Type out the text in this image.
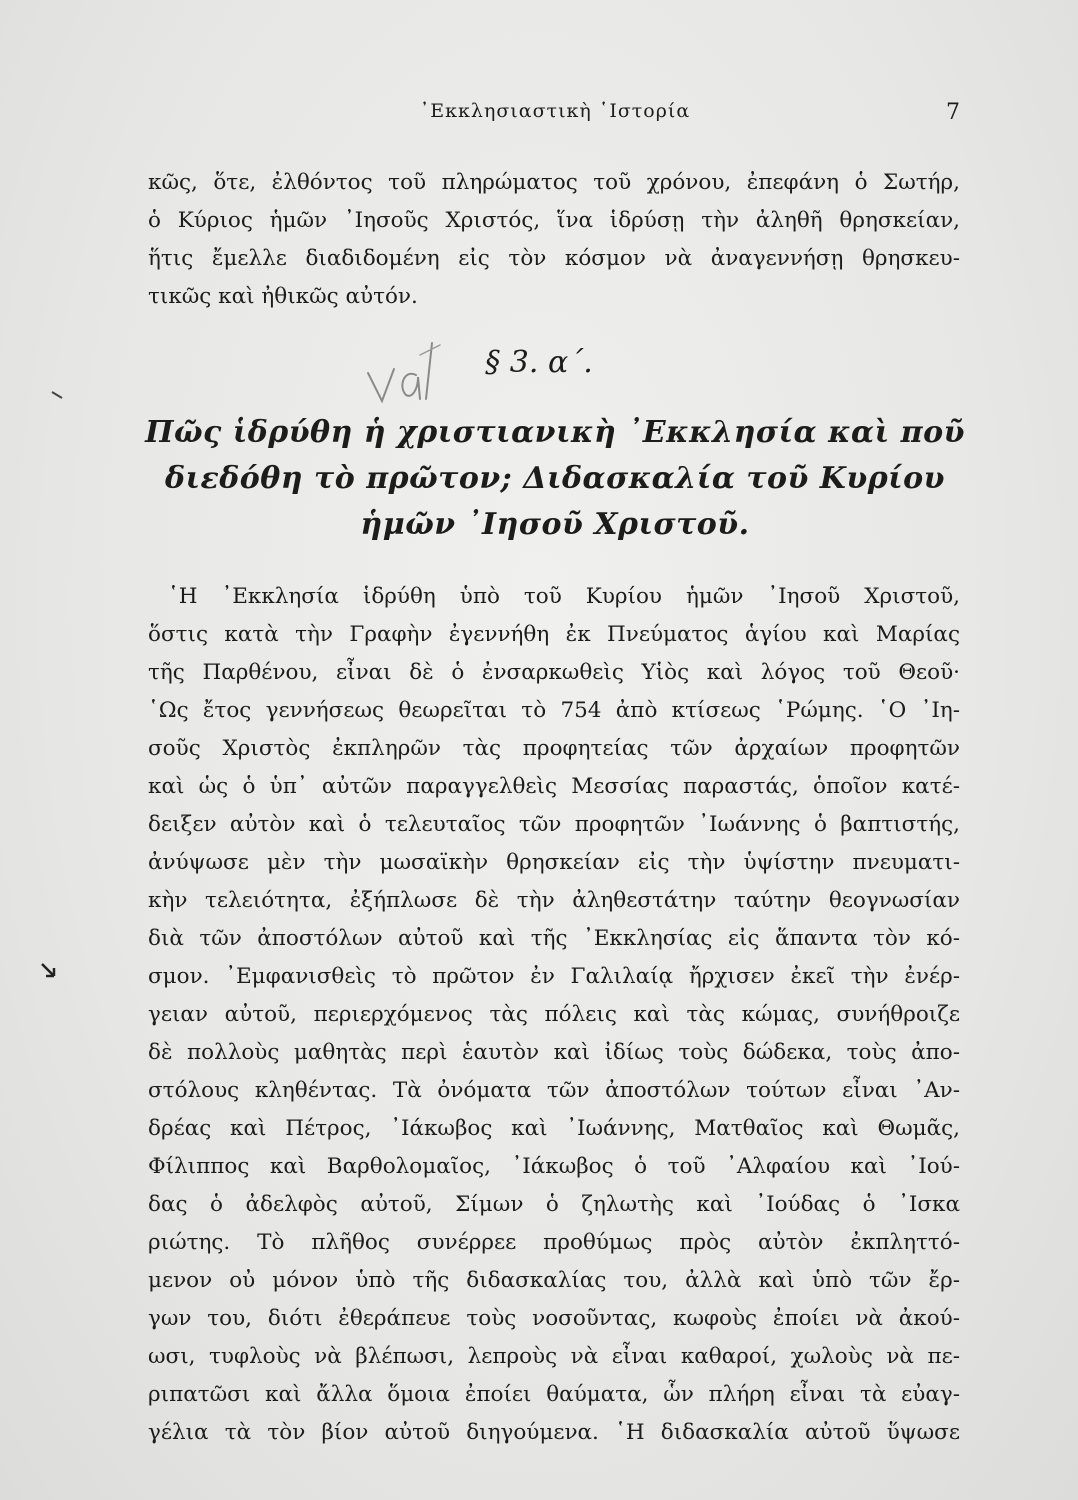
᾿Εκκλησιαστικὴ ῾Ιστορία	7
κῶς, ὅτε, ἐλθόντος τοῦ πληρώματος τοῦ χρόνου, ἐπεφάνη ὁ Σωτήρ,
ὁ Κύριος ἡμῶν ᾿Ιησοῦς Χριστός, ἵνα ἱδρύσῃ τὴν ἀληθῆ θρησκείαν,
ἥτις ἔμελλε διαδιδομένη εἰς τὸν κόσμον νὰ ἀναγεννήσῃ θρησκευ-
τικῶς καὶ ἠθικῶς αὐτόν.
§ 3. α΄.
Πῶς ἱδρύθη ἡ χριστιανικὴ ᾿Εκκλησία καὶ ποῦ
διεδόθη τὸ πρῶτον; Διδασκαλία τοῦ Κυρίου
ἡμῶν ᾿Ιησοῦ Χριστοῦ.
῾Η ᾿Εκκλησία ἱδρύθη ὑπὸ τοῦ Κυρίου ἡμῶν ᾿Ιησοῦ Χριστοῦ,
ὅστις κατὰ τὴν Γραφὴν ἐγεννήθη ἐκ Πνεύματος ἁγίου καὶ Μαρίας
τῆς Παρθένου, εἶναι δὲ ὁ ἐνσαρκωθεὶς Υἱὸς καὶ λόγος τοῦ Θεοῦ·
῾Ως ἔτος γεννήσεως θεωρεῖται τὸ 754 ἀπὸ κτίσεως ῾Ρώμης. ῾Ο ᾿Ιη-
σοῦς Χριστὸς ἐκπληρῶν τὰς προφητείας τῶν ἀρχαίων προφητῶν
καὶ ὡς ὁ ὑπ᾿ αὐτῶν παραγγελθεὶς Μεσσίας παραστάς, ὁποῖον κατέ-
δειξεν αὐτὸν καὶ ὁ τελευταῖος τῶν προφητῶν ᾿Ιωάννης ὁ βαπτιστής,
ἀνύψωσε μὲν τὴν μωσαϊκὴν θρησκείαν εἰς τὴν ὑψίστην πνευματι-
κὴν τελειότητα, ἐξήπλωσε δὲ τὴν ἀληθεστάτην ταύτην θεογνωσίαν
διὰ τῶν ἀποστόλων αὐτοῦ καὶ τῆς ᾿Εκκλησίας εἰς ἅπαντα τὸν κό-
σμον. ᾿Εμφανισθεὶς τὸ πρῶτον ἐν Γαλιλαίᾳ ἤρχισεν ἐκεῖ τὴν ἐνέρ-
γειαν αὐτοῦ, περιερχόμενος τὰς πόλεις καὶ τὰς κώμας, συνήθροιζε
δὲ πολλοὺς μαθητὰς περὶ ἑαυτὸν καὶ ἰδίως τοὺς δώδεκα, τοὺς ἀπο-
στόλους κληθέντας. Τὰ ὀνόματα τῶν ἀποστόλων τούτων εἶναι ᾿Αν-
δρέας καὶ Πέτρος, ᾿Ιάκωβος καὶ ᾿Ιωάννης, Ματθαῖος καὶ Θωμᾶς,
Φίλιππος καὶ Βαρθολομαῖος, ᾿Ιάκωβος ὁ τοῦ ᾿Αλφαίου καὶ ᾿Ιού-
δας ὁ ἀδελφὸς αὐτοῦ, Σίμων ὁ ζηλωτὴς καὶ ᾿Ιούδας ὁ ᾿Ισκα
ριώτης. Τὸ πλῆθος συνέρρεε προθύμως πρὸς αὐτὸν ἐκπληττό-
μενον οὐ μόνον ὑπὸ τῆς διδασκαλίας του, ἀλλὰ καὶ ὑπὸ τῶν ἔρ-
γων του, διότι ἐθεράπευε τοὺς νοσοῦντας, κωφοὺς ἐποίει νὰ ἀκού-
ωσι, τυφλοὺς νὰ βλέπωσι, λεπροὺς νὰ εἶναι καθαροί, χωλοὺς νὰ πε-
ριπατῶσι καὶ ἄλλα ὅμοια ἐποίει θαύματα, ὧν πλήρη εἶναι τὰ εὐαγ-
γέλια τὰ τὸν βίον αὐτοῦ διηγούμενα. ῾Η διδασκαλία αὐτοῦ ὕψωσε
